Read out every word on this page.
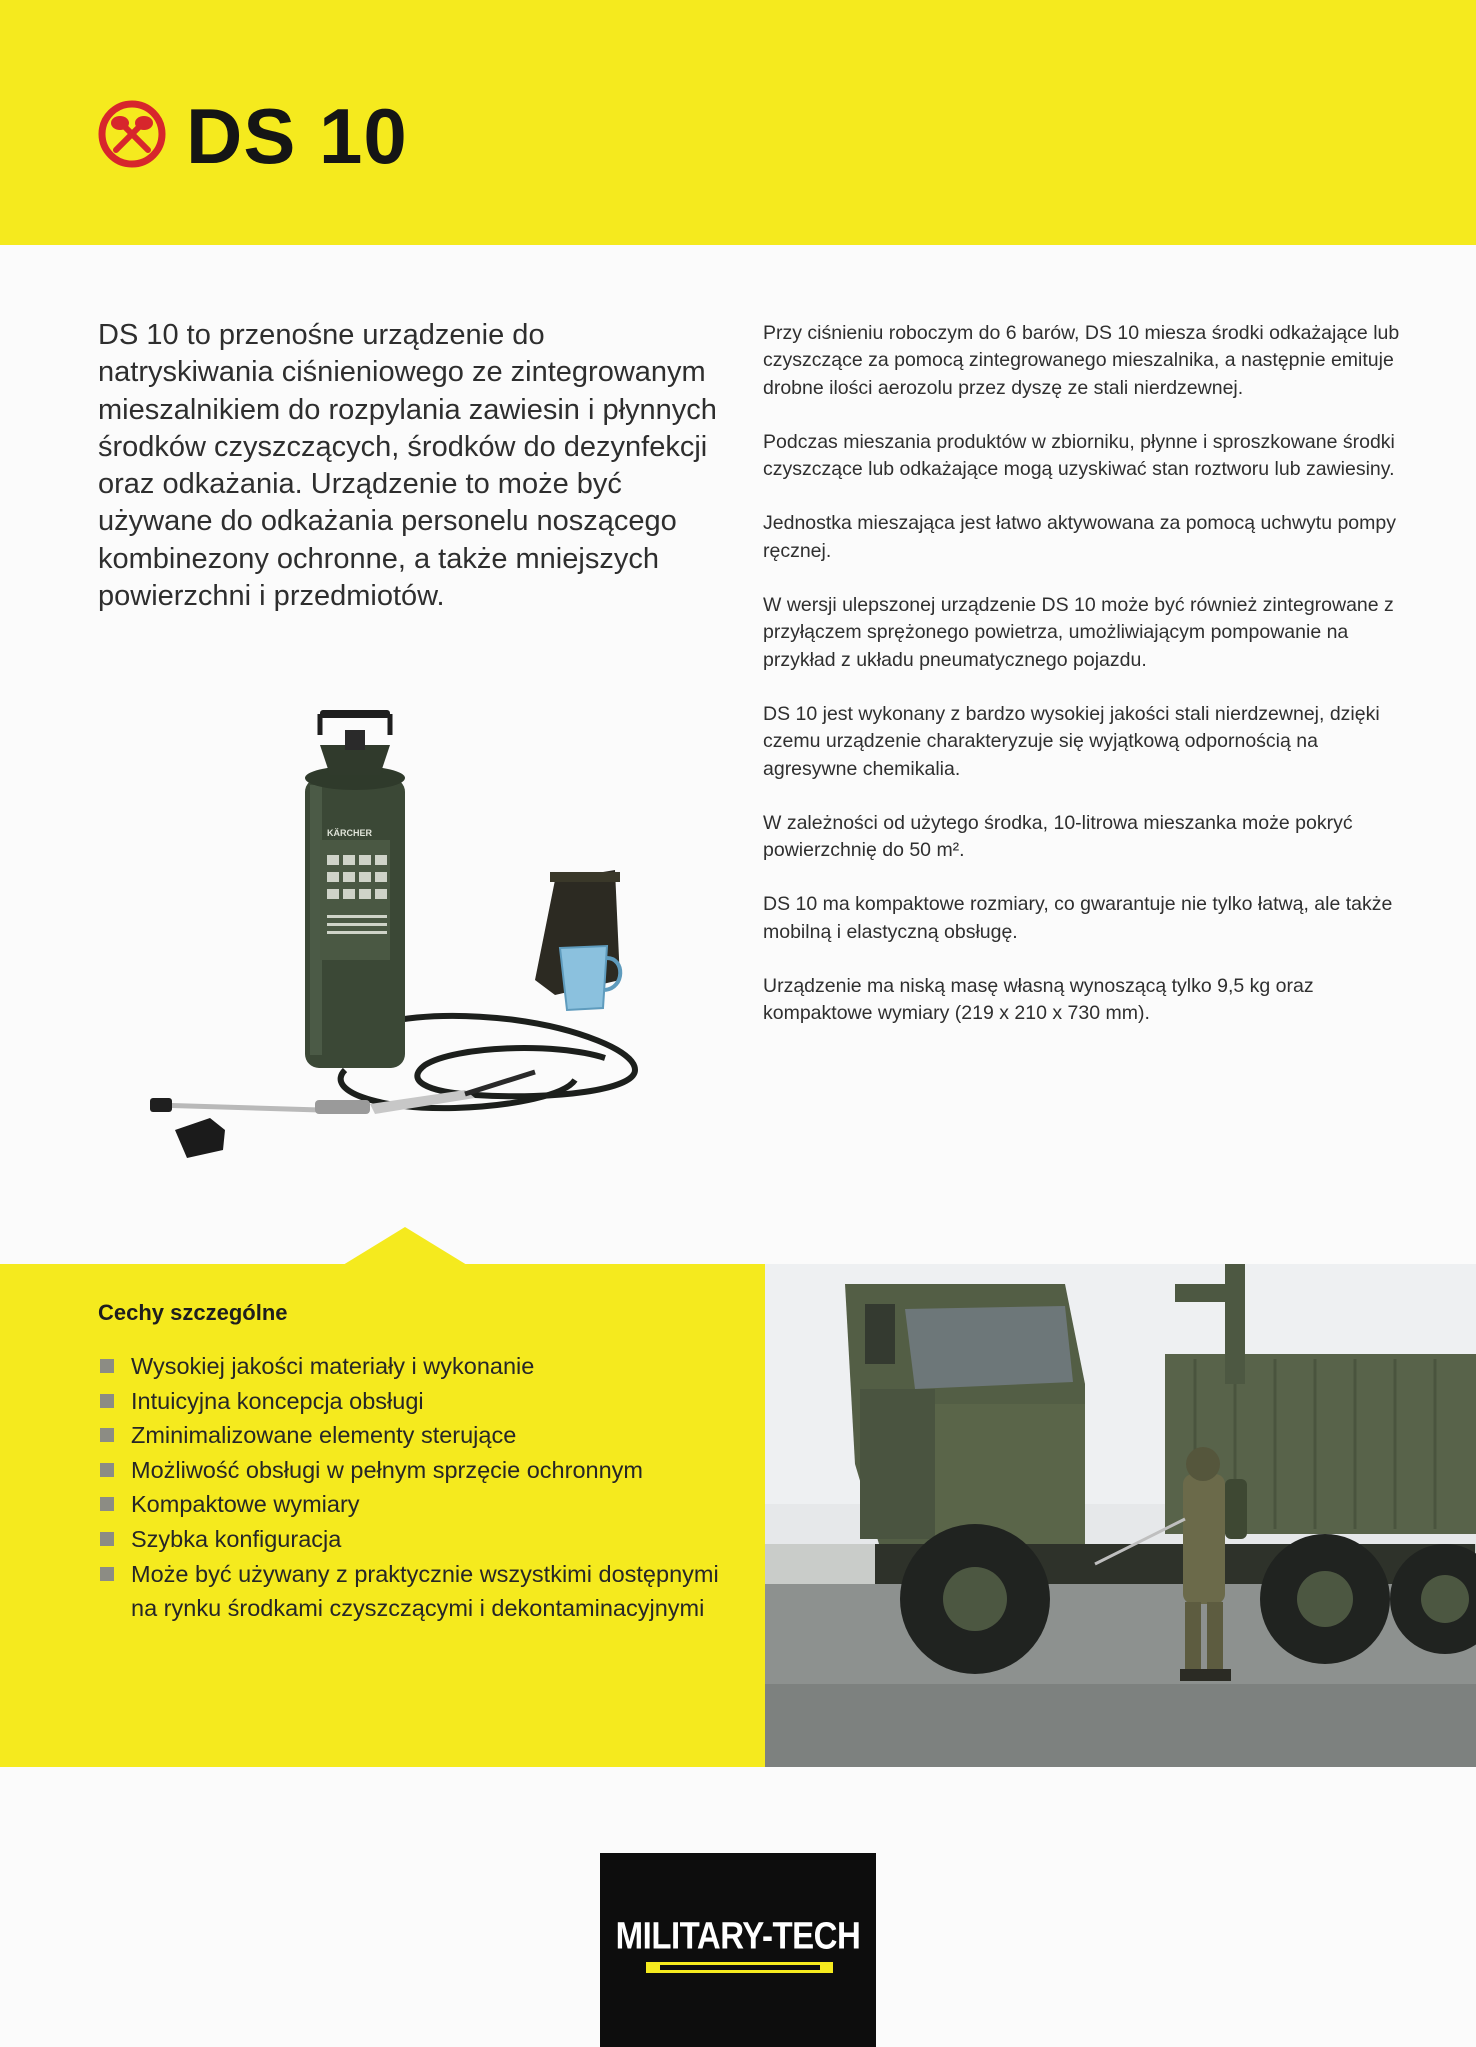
DS 10

DS 10 to przenośne urządzenie do natryskiwania ciśnieniowego ze zintegrowanym mieszalnikiem do rozpylania zawiesin i płynnych środków czyszczących, środków do dezynfekcji oraz odkażania. Urządzenie to może być używane do odkażania personelu noszącego kombinezony ochronne, a także mniejszych powierzchni i przedmiotów.

KÄRCHER

Przy ciśnieniu roboczym do 6 barów, DS 10 miesza środki odkażające lub czyszczące za pomocą zintegrowanego mieszalnika, a następnie emituje drobne ilości aerozolu przez dyszę ze stali nierdzewnej.

Podczas mieszania produktów w zbiorniku, płynne i sproszkowane środki czyszczące lub odkażające mogą uzyskiwać stan roztworu lub zawiesiny.

Jednostka mieszająca jest łatwo aktywowana za pomocą uchwytu pompy ręcznej.

W wersji ulepszonej urządzenie DS 10 może być również zintegrowane z przyłączem sprężonego powietrza, umożliwiającym pompowanie na przykład z układu pneumatycznego pojazdu.

DS 10 jest wykonany z bardzo wysokiej jakości stali nierdzewnej, dzięki czemu urządzenie charakteryzuje się wyjątkową odpornością na agresywne chemikalia.

W zależności od użytego środka, 10-litrowa mieszanka może pokryć powierzchnię do 50 m².

DS 10 ma kompaktowe rozmiary, co gwarantuje nie tylko łatwą, ale także mobilną i elastyczną obsługę.

Urządzenie ma niską masę własną wynoszącą tylko 9,5 kg oraz kompaktowe wymiary (219 x 210 x 730 mm).

Cechy szczególne
Wysokiej jakości materiały i wykonanie
Intuicyjna koncepcja obsługi
Zminimalizowane elementy sterujące
Możliwość obsługi w pełnym sprzęcie ochronnym
Kompaktowe wymiary
Szybka konfiguracja
Może być używany z praktycznie wszystkimi dostępnymi na rynku środkami czyszczącymi i dekontaminacyjnymi
MILITARY-TECH
